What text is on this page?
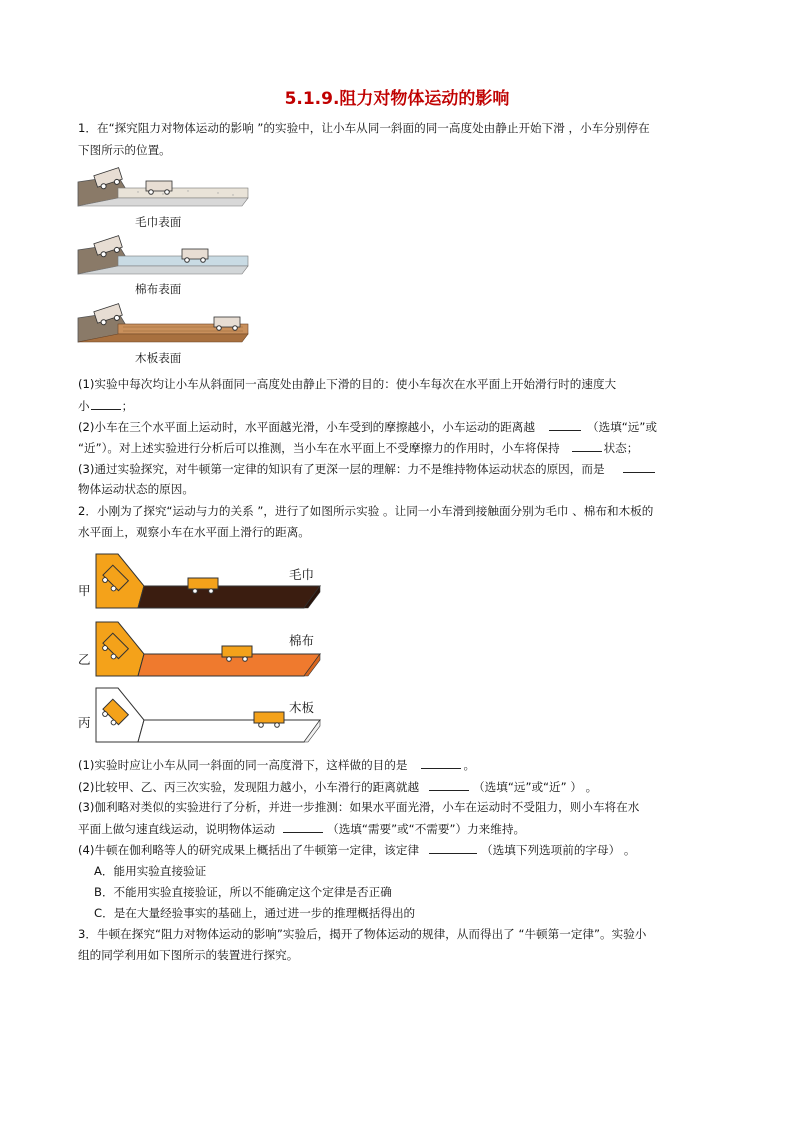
5.1.9.阻力对物体运动的影响
1．在“探究阻力对物体运动的影响 ”的实验中，让小车从同一斜面的同一高度处由静止开始下滑 ，小车分别停在
下图所示的位置。
毛巾表面
棉布表面
木板表面
(1)实验中每次均让小车从斜面同一高度处由静止下滑的目的：使小车每次在水平面上开始滑行时的速度大
小	；
(2)小车在三个水平面上运动时，水平面越光滑，小车受到的摩擦越小，小车运动的距离越	（选填“远”或
“近”）。对上述实验进行分析后可以推测，当小车在水平面上不受摩擦力的作用时，小车将保持	状态；
(3)通过实验探究，对牛顿第一定律的知识有了更深一层的理解：力不是维持物体运动状态的原因，而是
物体运动状态的原因。
2．小刚为了探究“运动与力的关系 ”，进行了如图所示实验 。让同一小车滑到接触面分别为毛巾 、棉布和木板的
水平面上，观察小车在水平面上滑行的距离。
甲
毛巾
乙
棉布
丙
木板
(1)实验时应让小车从同一斜面的同一高度滑下，这样做的目的是	。
(2)比较甲、乙、丙三次实验，发现阻力越小，小车滑行的距离就越	（选填“远”或“近” ） 。
(3)伽利略对类似的实验进行了分析，并进一步推测：如果水平面光滑，小车在运动时不受阻力，则小车将在水
平面上做匀速直线运动，说明物体运动	（选填“需要”或“不需要”）力来维持。
(4)牛顿在伽利略等人的研究成果上概括出了牛顿第一定律，该定律	（选填下列选项前的字母） 。
A．能用实验直接验证
B．不能用实验直接验证，所以不能确定这个定律是否正确
C．是在大量经验事实的基础上，通过进一步的推理概括得出的
3．牛顿在探究“阻力对物体运动的影响”实验后，揭开了物体运动的规律，从而得出了 “牛顿第一定律”。实验小
组的同学利用如下图所示的装置进行探究。
